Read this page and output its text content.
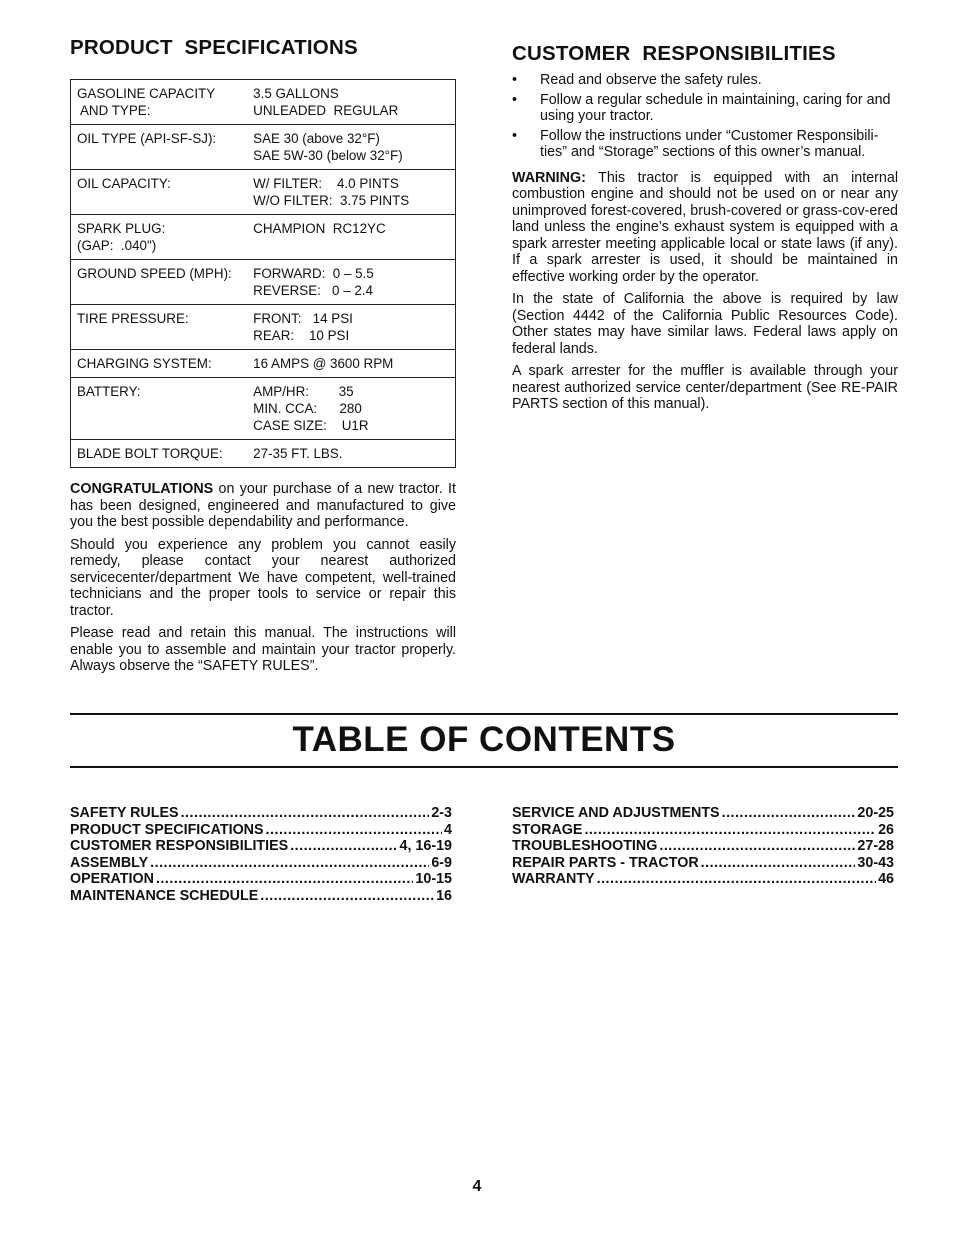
PRODUCT  SPECIFICATIONS
GASOLINE CAPACITY
AND TYPE:	3.5 GALLONS
UNLEADED  REGULAR
OIL TYPE (API-SF-SJ):	SAE 30 (above 32°F)
SAE 5W-30 (below 32°F)
OIL CAPACITY:	W/ FILTER:    4.0 PINTS
W/O FILTER:  3.75 PINTS
SPARK PLUG:
(GAP:  .040")	CHAMPION  RC12YC
GROUND SPEED (MPH):	FORWARD:  0 – 5.5
REVERSE:   0 – 2.4
TIRE PRESSURE:	FRONT:   14 PSI
REAR:    10 PSI
CHARGING SYSTEM:	16 AMPS @ 3600 RPM
BATTERY:	AMP/HR:        35
MIN. CCA:      280
CASE SIZE:    U1R
BLADE BOLT TORQUE:	27-35 FT. LBS.

CONGRATULATIONS on your purchase of a new tractor. It has been designed, engineered and manufactured to give you the best possible dependability and performance.

Should you experience any problem you cannot easily remedy, please contact your nearest authorized servicecenter/department We have competent, well-trained technicians and the proper tools to service or repair this tractor.

Please read and retain this manual. The instructions will enable you to assemble and maintain your tractor properly. Always observe the “SAFETY RULES”.

CUSTOMER  RESPONSIBILITIES
• Read and observe the safety rules.
• Follow a regular schedule in maintaining, caring for and using your tractor.
• Follow the instructions under “Customer Responsibili-ties” and “Storage” sections of this owner’s manual.

WARNING: This tractor is equipped with an internal combustion engine and should not be used on or near any unimproved forest-covered, brush-covered or grass-cov-ered land unless the engine’s exhaust system is equipped with a spark arrester meeting applicable local or state laws (if any). If a spark arrester is used, it should be maintained in effective working order by the operator.

In the state of California the above is required by law (Section 4442 of the California Public Resources Code). Other states may have similar laws. Federal laws apply on federal lands.

A spark arrester for the muffler is available through your nearest authorized service center/department (See RE-PAIR PARTS section of this manual).

TABLE OF CONTENTS
SAFETY RULES .....	2-3
PRODUCT SPECIFICATIONS .....	4
CUSTOMER RESPONSIBILITIES .....	4, 16-19
ASSEMBLY .....	6-9
OPERATION .....	10-15
MAINTENANCE SCHEDULE .....	16
SERVICE AND ADJUSTMENTS .....	20-25
STORAGE .....	26
TROUBLESHOOTING .....	27-28
REPAIR PARTS - TRACTOR .....	30-43
WARRANTY .....	46
4
